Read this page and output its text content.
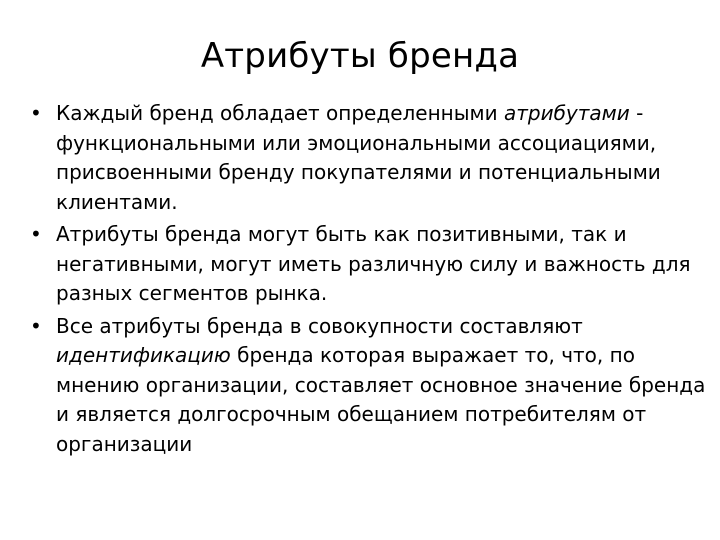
Атрибуты бренда
• Каждый бренд обладает определенными атрибутами - функциональными или эмоциональными ассоциациями, присвоенными бренду покупателями и потенциальными клиентами.
• Атрибуты бренда могут быть как позитивными, так и негативными, могут иметь различную силу и важность для разных сегментов рынка.
• Все атрибуты бренда в совокупности составляют идентификацию бренда которая выражает то, что, по мнению организации, составляет основное значение бренда и является долгосрочным обещанием потребителям от организации
